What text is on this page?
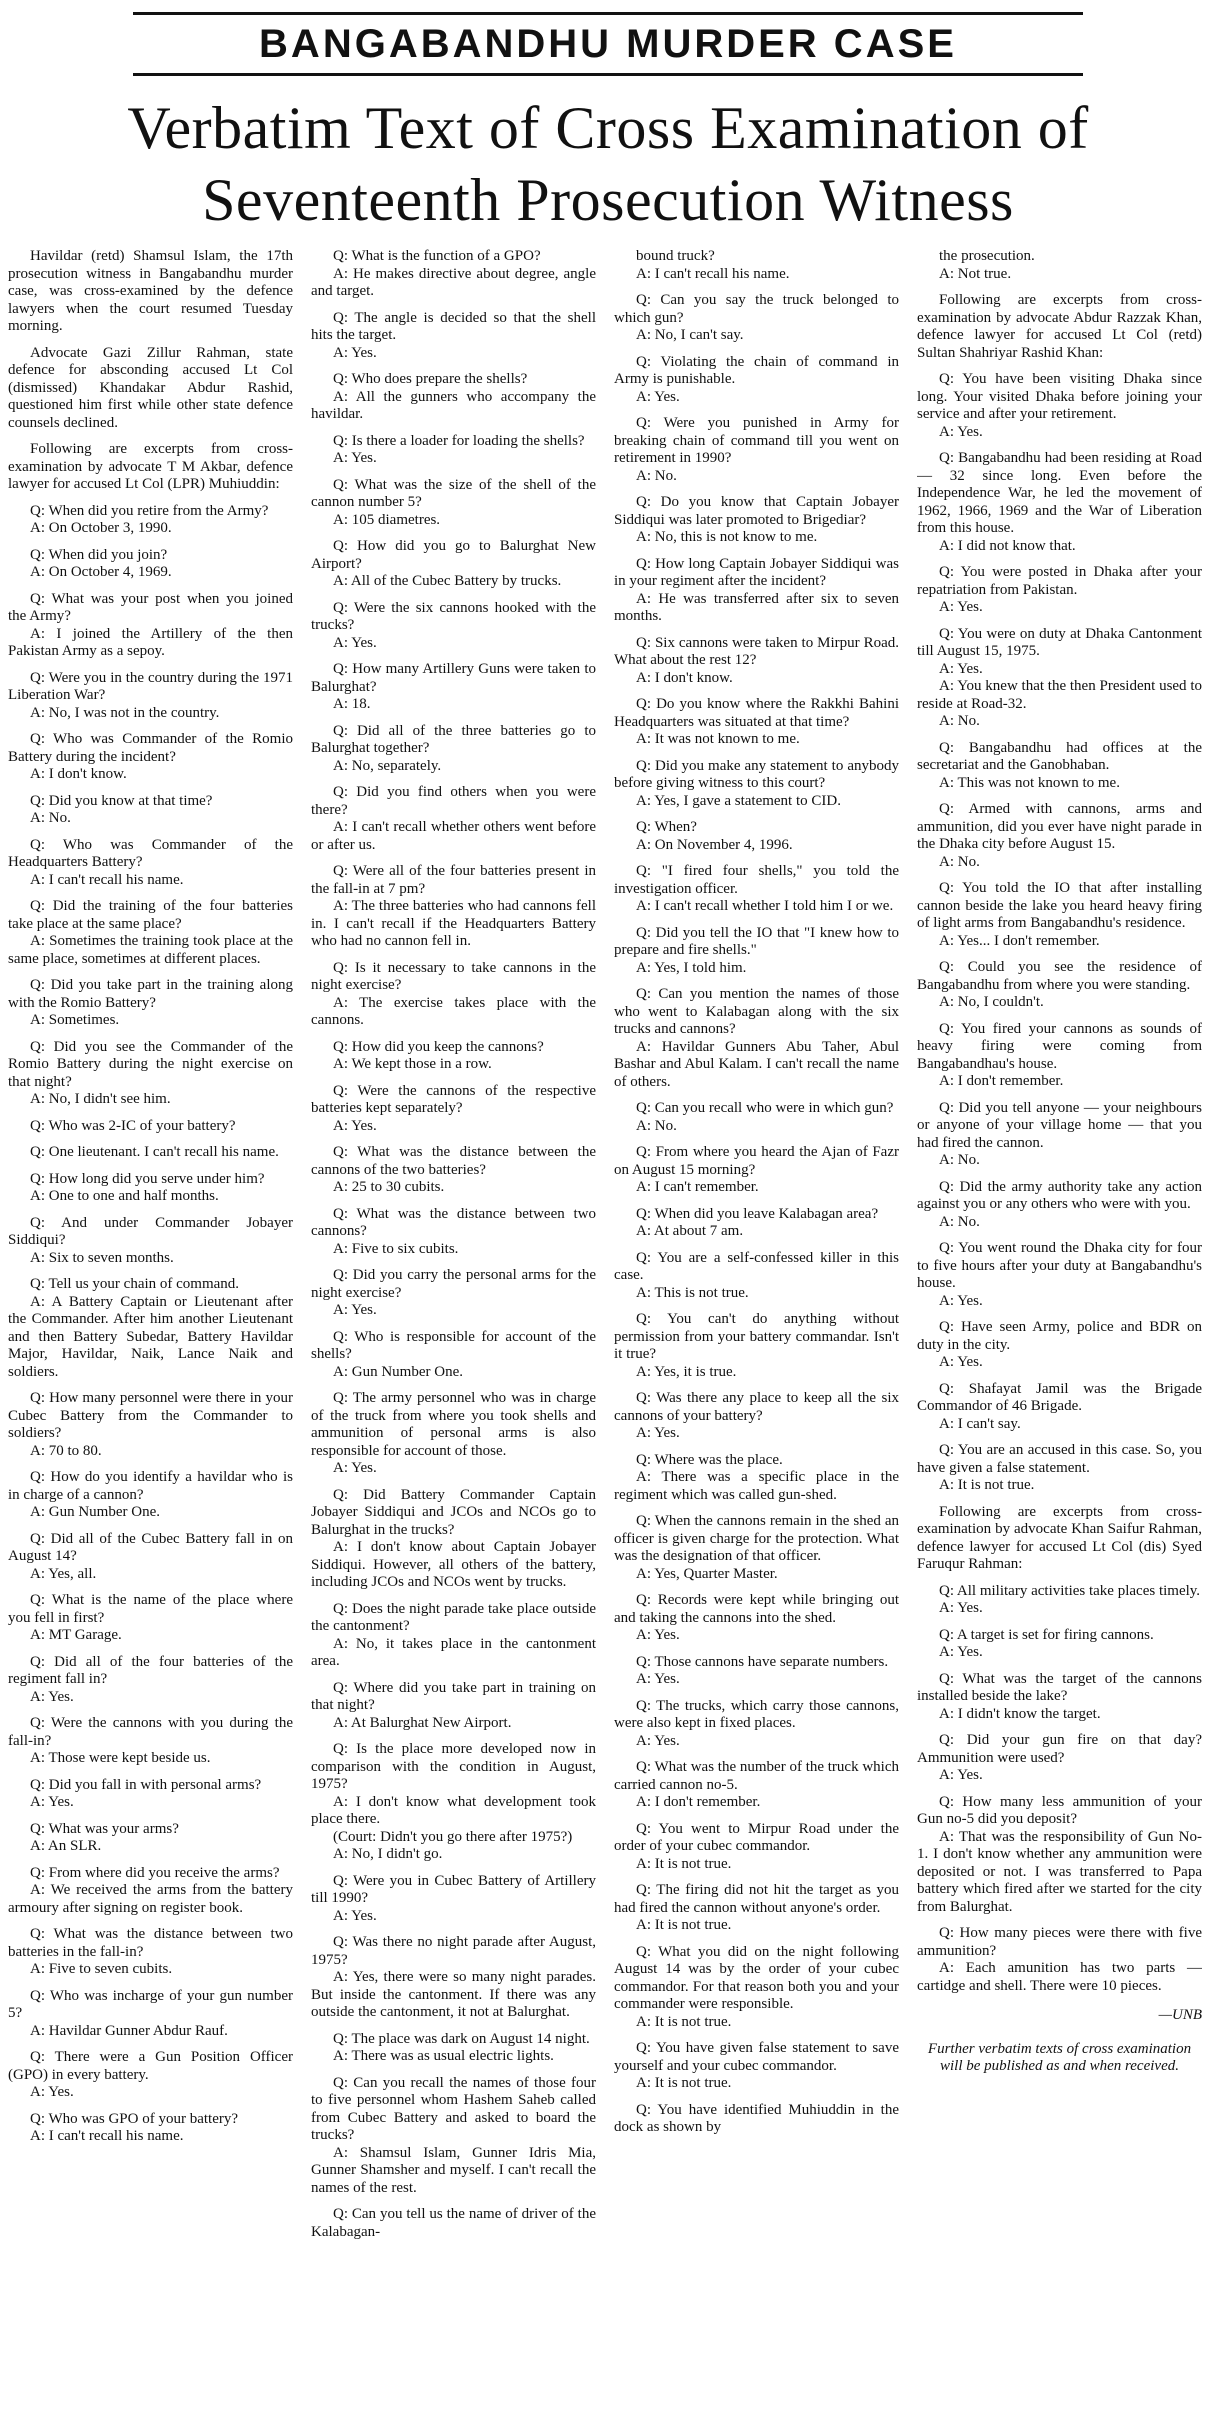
BANGABANDHU MURDER CASE
Verbatim Text of Cross Examination of
Seventeenth Prosecution Witness

Havildar (retd) Shamsul Islam, the 17th prosecution witness in Bangabandhu murder case, was cross-examined by the defence lawyers when the court resumed Tuesday morning.

Advocate Gazi Zillur Rahman, state defence for absconding accused Lt Col (dismissed) Khandakar Abdur Rashid, questioned him first while other state defence counsels declined.

Following are excerpts from cross-examination by advocate T M Akbar, defence lawyer for accused Lt Col (LPR) Muhiuddin:

Q: When did you retire from the Army?

A: On October 3, 1990.

Q: When did you join?

A: On October 4, 1969.

Q: What was your post when you joined the Army?

A: I joined the Artillery of the then Pakistan Army as a sepoy.

Q: Were you in the country during the 1971 Liberation War?

A: No, I was not in the country.

Q: Who was Commander of the Romio Battery during the incident?

A: I don't know.

Q: Did you know at that time?

A: No.

Q: Who was Commander of the Headquarters Battery?

A: I can't recall his name.

Q: Did the training of the four batteries take place at the same place?

A: Sometimes the training took place at the same place, sometimes at different places.

Q: Did you take part in the training along with the Romio Battery?

A: Sometimes.

Q: Did you see the Commander of the Romio Battery during the night exercise on that night?

A: No, I didn't see him.

Q: Who was 2-IC of your battery?

Q: One lieutenant. I can't recall his name.

Q: How long did you serve under him?

A: One to one and half months.

Q: And under Commander Jobayer Siddiqui?

A: Six to seven months.

Q: Tell us your chain of command.

A: A Battery Captain or Lieutenant after the Commander. After him another Lieutenant and then Battery Subedar, Battery Havildar Major, Havildar, Naik, Lance Naik and soldiers.

Q: How many personnel were there in your Cubec Battery from the Commander to soldiers?

A: 70 to 80.

Q: How do you identify a havildar who is in charge of a cannon?

A: Gun Number One.

Q: Did all of the Cubec Battery fall in on August 14?

A: Yes, all.

Q: What is the name of the place where you fell in first?

A: MT Garage.

Q: Did all of the four batteries of the regiment fall in?

A: Yes.

Q: Were the cannons with you during the fall-in?

A: Those were kept beside us.

Q: Did you fall in with personal arms?

A: Yes.

Q: What was your arms?

A: An SLR.

Q: From where did you receive the arms?

A: We received the arms from the battery armoury after signing on register book.

Q: What was the distance between two batteries in the fall-in?

A: Five to seven cubits.

Q: Who was incharge of your gun number 5?

A: Havildar Gunner Abdur Rauf.

Q: There were a Gun Position Officer (GPO) in every battery.

A: Yes.

Q: Who was GPO of your battery?

A: I can't recall his name.

Q: What is the function of a GPO?

A: He makes directive about degree, angle and target.

Q: The angle is decided so that the shell hits the target.

A: Yes.

Q: Who does prepare the shells?

A: All the gunners who accompany the havildar.

Q: Is there a loader for loading the shells?

A: Yes.

Q: What was the size of the shell of the cannon number 5?

A: 105 diametres.

Q: How did you go to Balurghat New Airport?

A: All of the Cubec Battery by trucks.

Q: Were the six cannons hooked with the trucks?

A: Yes.

Q: How many Artillery Guns were taken to Balurghat?

A: 18.

Q: Did all of the three batteries go to Balurghat together?

A: No, separately.

Q: Did you find others when you were there?

A: I can't recall whether others went before or after us.

Q: Were all of the four batteries present in the fall-in at 7 pm?

A: The three batteries who had cannons fell in. I can't recall if the Headquarters Battery who had no cannon fell in.

Q: Is it necessary to take cannons in the night exercise?

A: The exercise takes place with the cannons.

Q: How did you keep the cannons?

A: We kept those in a row.

Q: Were the cannons of the respective batteries kept separately?

A: Yes.

Q: What was the distance between the cannons of the two batteries?

A: 25 to 30 cubits.

Q: What was the distance between two cannons?

A: Five to six cubits.

Q: Did you carry the personal arms for the night exercise?

A: Yes.

Q: Who is responsible for account of the shells?

A: Gun Number One.

Q: The army personnel who was in charge of the truck from where you took shells and ammunition of personal arms is also responsible for account of those.

A: Yes.

Q: Did Battery Commander Captain Jobayer Siddiqui and JCOs and NCOs go to Balurghat in the trucks?

A: I don't know about Captain Jobayer Siddiqui. However, all others of the battery, including JCOs and NCOs went by trucks.

Q: Does the night parade take place outside the cantonment?

A: No, it takes place in the cantonment area.

Q: Where did you take part in training on that night?

A: At Balurghat New Airport.

Q: Is the place more developed now in comparison with the condition in August, 1975?

A: I don't know what development took place there.

(Court: Didn't you go there after 1975?)

A: No, I didn't go.

Q: Were you in Cubec Battery of Artillery till 1990?

A: Yes.

Q: Was there no night parade after August, 1975?

A: Yes, there were so many night parades. But inside the cantonment. If there was any outside the cantonment, it not at Balurghat.

Q: The place was dark on August 14 night.

A: There was as usual electric lights.

Q: Can you recall the names of those four to five personnel whom Hashem Saheb called from Cubec Battery and asked to board the trucks?

A: Shamsul Islam, Gunner Idris Mia, Gunner Shamsher and myself. I can't recall the names of the rest.

Q: Can you tell us the name of driver of the Kalabagan-

bound truck?

A: I can't recall his name.

Q: Can you say the truck belonged to which gun?

A: No, I can't say.

Q: Violating the chain of command in Army is punishable.

A: Yes.

Q: Were you punished in Army for breaking chain of command till you went on retirement in 1990?

A: No.

Q: Do you know that Captain Jobayer Siddiqui was later promoted to Brigediar?

A: No, this is not know to me.

Q: How long Captain Jobayer Siddiqui was in your regiment after the incident?

A: He was transferred after six to seven months.

Q: Six cannons were taken to Mirpur Road. What about the rest 12?

A: I don't know.

Q: Do you know where the Rakkhi Bahini Headquarters was situated at that time?

A: It was not known to me.

Q: Did you make any statement to anybody before giving witness to this court?

A: Yes, I gave a statement to CID.

Q: When?

A: On November 4, 1996.

Q: "I fired four shells," you told the investigation officer.

A: I can't recall whether I told him I or we.

Q: Did you tell the IO that "I knew how to prepare and fire shells."

A: Yes, I told him.

Q: Can you mention the names of those who went to Kalabagan along with the six trucks and cannons?

A: Havildar Gunners Abu Taher, Abul Bashar and Abul Kalam. I can't recall the name of others.

Q: Can you recall who were in which gun?

A: No.

Q: From where you heard the Ajan of Fazr on August 15 morning?

A: I can't remember.

Q: When did you leave Kalabagan area?

A: At about 7 am.

Q: You are a self-confessed killer in this case.

A: This is not true.

Q: You can't do anything without permission from your battery commandar. Isn't it true?

A: Yes, it is true.

Q: Was there any place to keep all the six cannons of your battery?

A: Yes.

Q: Where was the place.

A: There was a specific place in the regiment which was called gun-shed.

Q: When the cannons remain in the shed an officer is given charge for the protection. What was the designation of that officer.

A: Yes, Quarter Master.

Q: Records were kept while bringing out and taking the cannons into the shed.

A: Yes.

Q: Those cannons have separate numbers.

A: Yes.

Q: The trucks, which carry those cannons, were also kept in fixed places.

A: Yes.

Q: What was the number of the truck which carried cannon no-5.

A: I don't remember.

Q: You went to Mirpur Road under the order of your cubec commandor.

A: It is not true.

Q: The firing did not hit the target as you had fired the cannon without anyone's order.

A: It is not true.

Q: What you did on the night following August 14 was by the order of your cubec commandor. For that reason both you and your commander were responsible.

A: It is not true.

Q: You have given false statement to save yourself and your cubec commandor.

A: It is not true.

Q: You have identified Muhiuddin in the dock as shown by

the prosecution.

A: Not true.

Following are excerpts from cross-examination by advocate Abdur Razzak Khan, defence lawyer for accused Lt Col (retd) Sultan Shahriyar Rashid Khan:

Q: You have been visiting Dhaka since long. Your visited Dhaka before joining your service and after your retirement.

A: Yes.

Q: Bangabandhu had been residing at Road — 32 since long. Even before the Independence War, he led the movement of 1962, 1966, 1969 and the War of Liberation from this house.

A: I did not know that.

Q: You were posted in Dhaka after your repatriation from Pakistan.

A: Yes.

Q: You were on duty at Dhaka Cantonment till August 15, 1975.

A: Yes.

A: You knew that the then President used to reside at Road-32.

A: No.

Q: Bangabandhu had offices at the secretariat and the Ganobhaban.

A: This was not known to me.

Q: Armed with cannons, arms and ammunition, did you ever have night parade in the Dhaka city before August 15.

A: No.

Q: You told the IO that after installing cannon beside the lake you heard heavy firing of light arms from Bangabandhu's residence.

A: Yes... I don't remember.

Q: Could you see the residence of Bangabandhu from where you were standing.

A: No, I couldn't.

Q: You fired your cannons as sounds of heavy firing were coming from Bangabandhau's house.

A: I don't remember.

Q: Did you tell anyone — your neighbours or anyone of your village home — that you had fired the cannon.

A: No.

Q: Did the army authority take any action against you or any others who were with you.

A: No.

Q: You went round the Dhaka city for four to five hours after your duty at Bangabandhu's house.

A: Yes.

Q: Have seen Army, police and BDR on duty in the city.

A: Yes.

Q: Shafayat Jamil was the Brigade Commandor of 46 Brigade.

A: I can't say.

Q: You are an accused in this case. So, you have given a false statement.

A: It is not true.

Following are excerpts from cross-examination by advocate Khan Saifur Rahman, defence lawyer for accused Lt Col (dis) Syed Faruqur Rahman:

Q: All military activities take places timely.

A: Yes.

Q: A target is set for firing cannons.

A: Yes.

Q: What was the target of the cannons installed beside the lake?

A: I didn't know the target.

Q: Did your gun fire on that day? Ammunition were used?

A: Yes.

Q: How many less ammunition of your Gun no-5 did you deposit?

A: That was the responsibility of Gun No-1. I don't know whether any ammunition were deposited or not. I was transferred to Papa battery which fired after we started for the city from Balurghat.

Q: How many pieces were there with five ammunition?

A: Each amunition has two parts — cartidge and shell. There were 10 pieces.

—UNB
Further verbatim texts of cross examination will be published as and when received.
